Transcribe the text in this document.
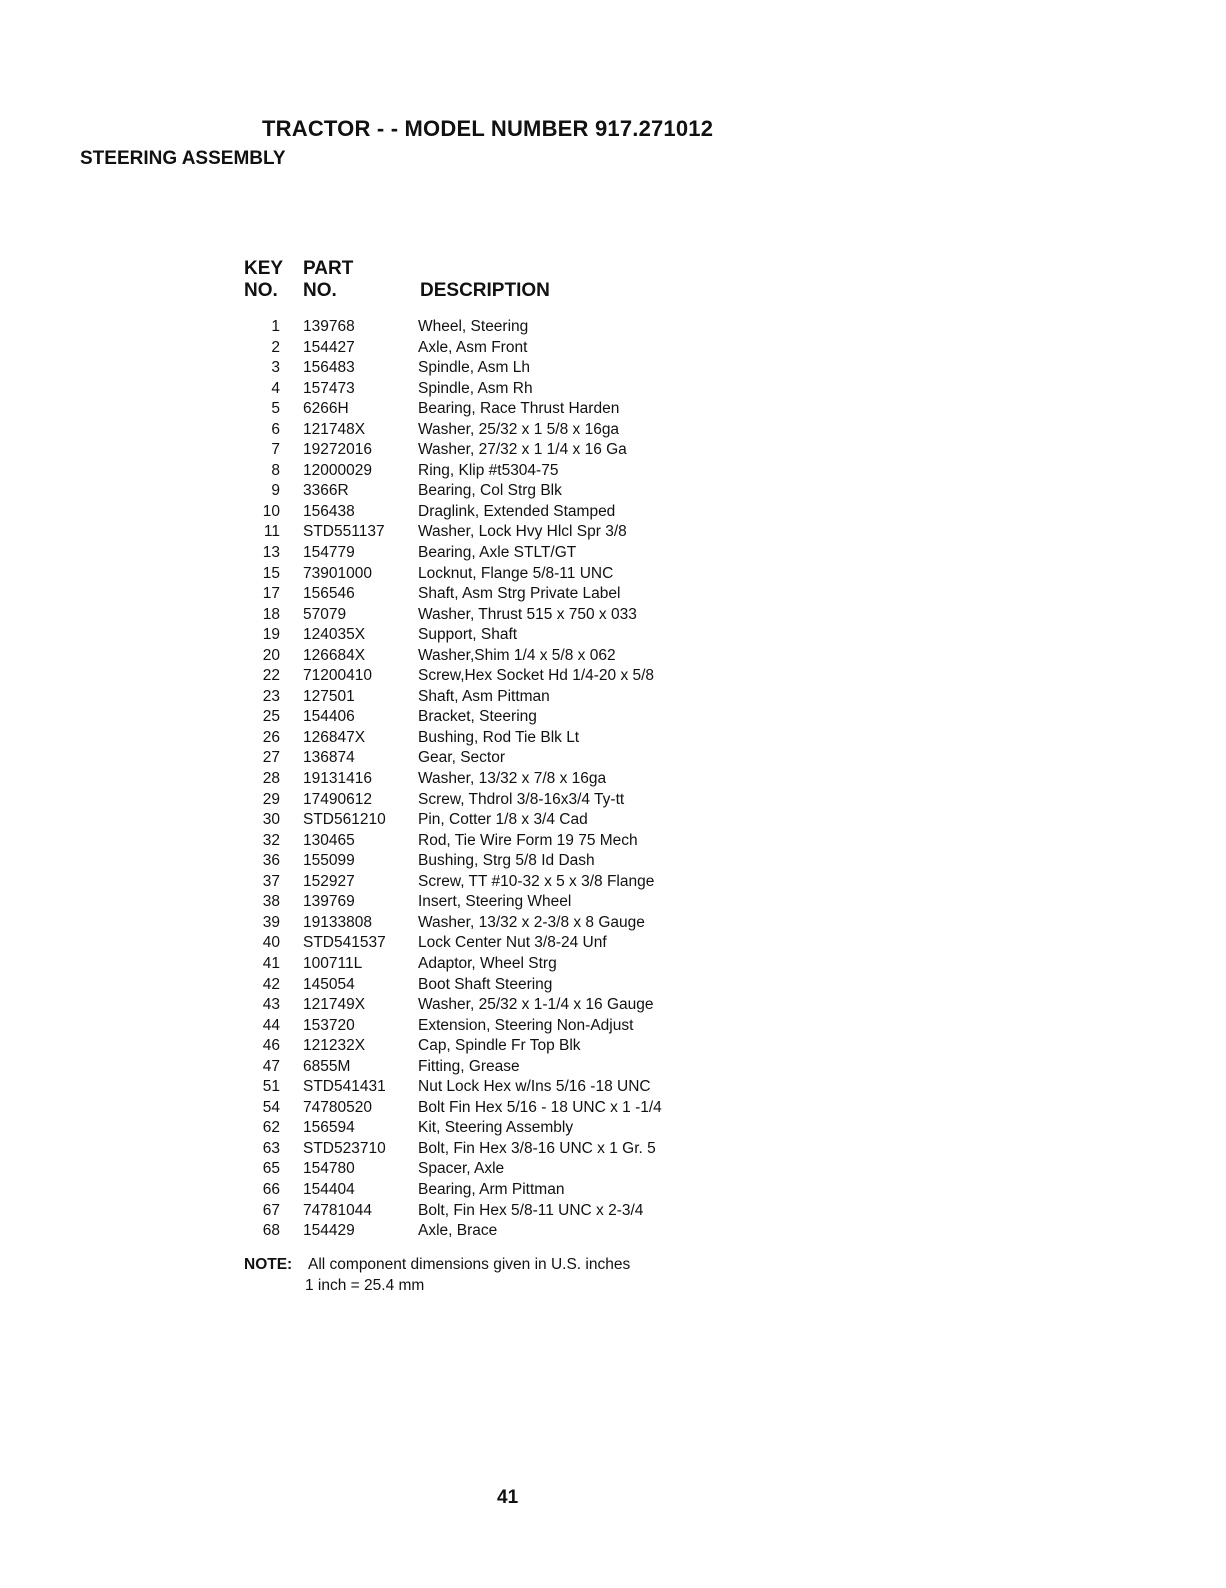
TRACTOR - - MODEL NUMBER 917.271012
STEERING ASSEMBLY
KEY
NO.
PART
NO.	DESCRIPTION
1	139768	Wheel, Steering
2	154427	Axle, Asm Front
3	156483	Spindle, Asm Lh
4	157473	Spindle, Asm Rh
5	6266H	Bearing, Race Thrust Harden
6	121748X	Washer, 25/32 x 1 5/8 x 16ga
7	19272016	Washer, 27/32 x 1 1/4 x 16 Ga
8	12000029	Ring, Klip #t5304-75
9	3366R	Bearing, Col Strg Blk
10	156438	Draglink, Extended Stamped
11	STD551137	Washer, Lock Hvy Hlcl Spr 3/8
13	154779	Bearing, Axle STLT/GT
15	73901000	Locknut, Flange 5/8-11 UNC
17	156546	Shaft, Asm Strg Private Label
18	57079	Washer, Thrust 515 x 750 x 033
19	124035X	Support, Shaft
20	126684X	Washer,Shim 1/4 x 5/8 x 062
22	71200410	Screw,Hex Socket Hd 1/4-20 x 5/8
23	127501	Shaft, Asm Pittman
25	154406	Bracket, Steering
26	126847X	Bushing, Rod Tie Blk Lt
27	136874	Gear, Sector
28	19131416	Washer, 13/32 x 7/8 x 16ga
29	17490612	Screw, Thdrol 3/8-16x3/4 Ty-tt
30	STD561210	Pin, Cotter 1/8 x 3/4 Cad
32	130465	Rod, Tie Wire Form 19 75 Mech
36	155099	Bushing, Strg 5/8 Id Dash
37	152927	Screw, TT #10-32 x 5 x 3/8 Flange
38	139769	Insert, Steering Wheel
39	19133808	Washer, 13/32 x 2-3/8 x 8 Gauge
40	STD541537	Lock Center Nut 3/8-24 Unf
41	100711L	Adaptor, Wheel Strg
42	145054	Boot Shaft Steering
43	121749X	Washer, 25/32 x 1-1/4 x 16 Gauge
44	153720	Extension, Steering Non-Adjust
46	121232X	Cap, Spindle Fr Top Blk
47	6855M	Fitting, Grease
51	STD541431	Nut Lock Hex w/Ins 5/16 -18 UNC
54	74780520	Bolt Fin Hex 5/16 - 18 UNC x 1 -1/4
62	156594	Kit, Steering Assembly
63	STD523710	Bolt, Fin Hex 3/8-16 UNC x 1 Gr. 5
65	154780	Spacer, Axle
66	154404	Bearing, Arm Pittman
67	74781044	Bolt, Fin Hex 5/8-11 UNC x 2-3/4
68	154429	Axle, Brace
NOTE: All component dimensions given in U.S. inches
1 inch = 25.4 mm
41
